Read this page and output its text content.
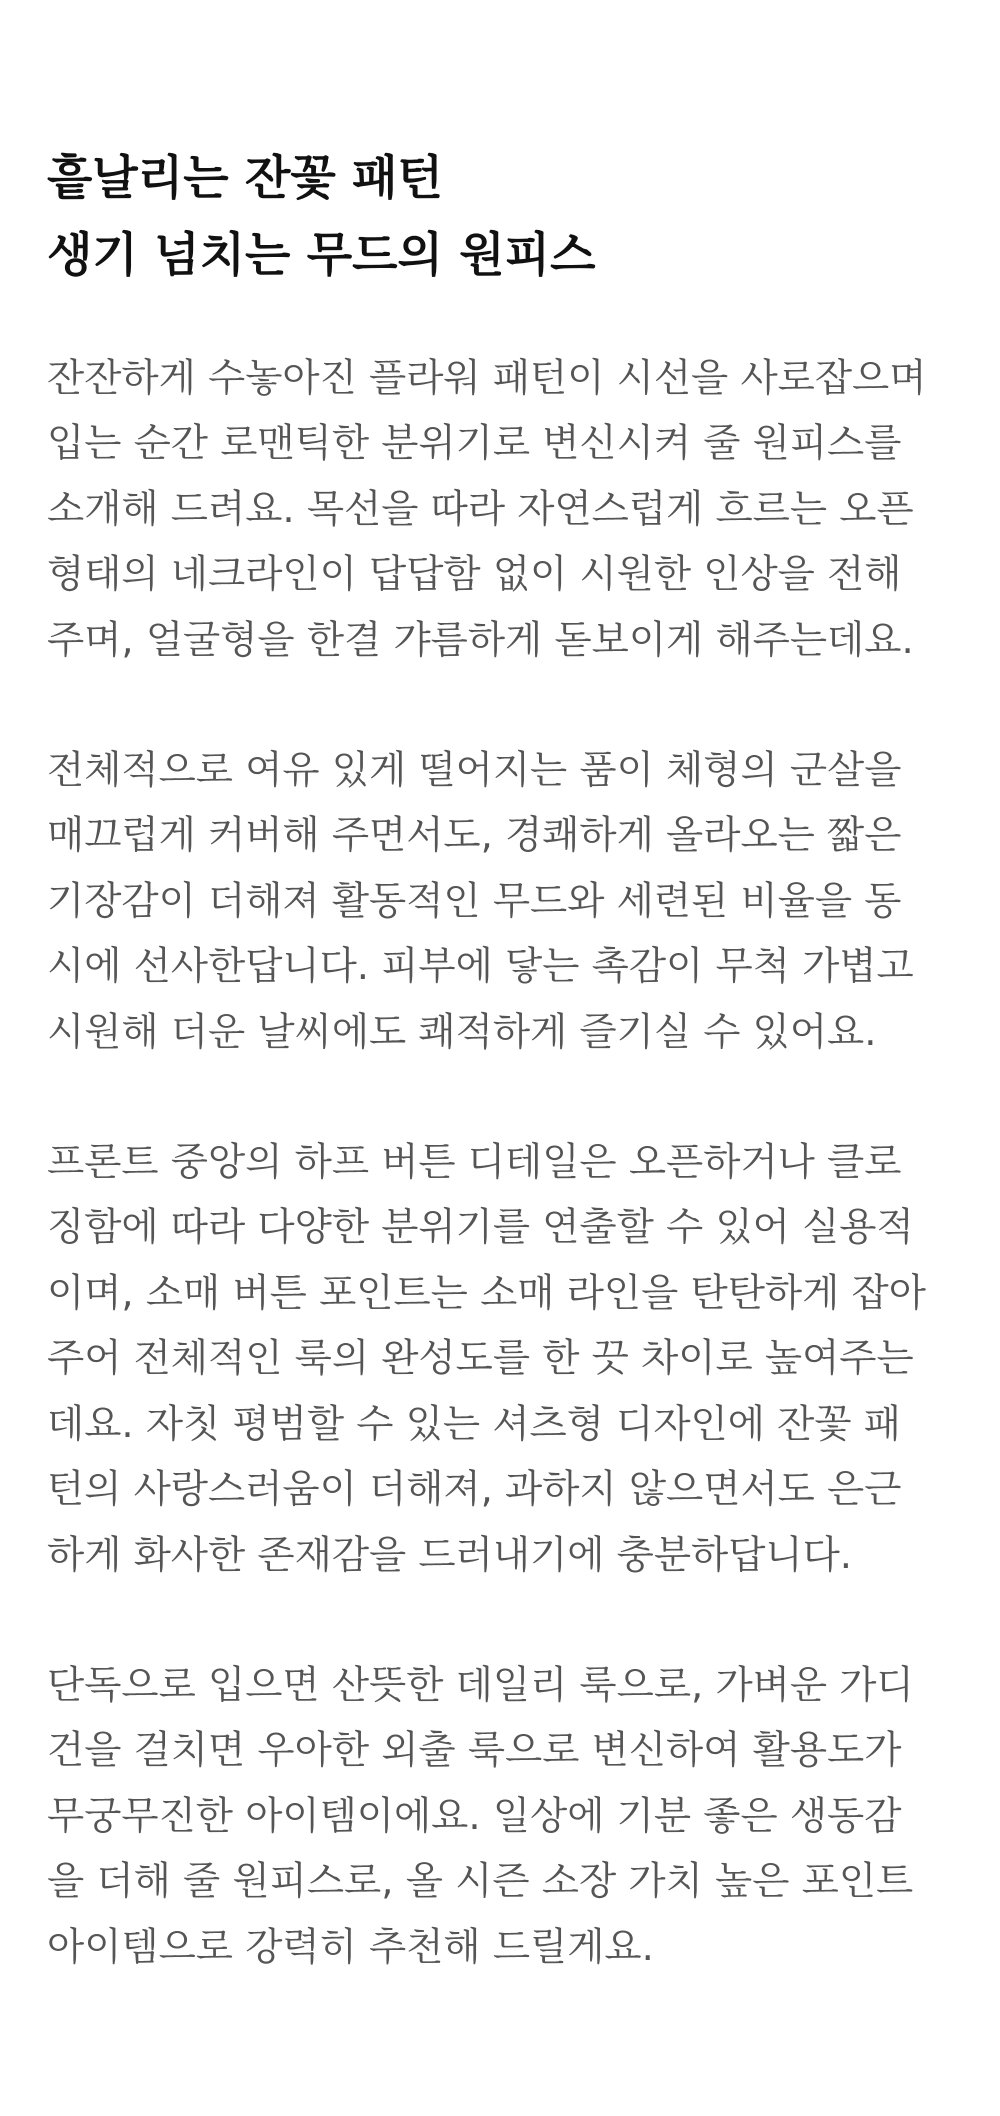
흩날리는 잔꽃 패턴
생기 넘치는 무드의 원피스

잔잔하게 수놓아진 플라워 패턴이 시선을 사로잡으며
입는 순간 로맨틱한 분위기로 변신시켜 줄 원피스를
소개해 드려요. 목선을 따라 자연스럽게 흐르는 오픈
형태의 네크라인이 답답함 없이 시원한 인상을 전해
주며, 얼굴형을 한결 갸름하게 돋보이게 해주는데요.

전체적으로 여유 있게 떨어지는 품이 체형의 군살을
매끄럽게 커버해 주면서도, 경쾌하게 올라오는 짧은
기장감이 더해져 활동적인 무드와 세련된 비율을 동
시에 선사한답니다. 피부에 닿는 촉감이 무척 가볍고
시원해 더운 날씨에도 쾌적하게 즐기실 수 있어요.

프론트 중앙의 하프 버튼 디테일은 오픈하거나 클로
징함에 따라 다양한 분위기를 연출할 수 있어 실용적
이며, 소매 버튼 포인트는 소매 라인을 탄탄하게 잡아
주어 전체적인 룩의 완성도를 한 끗 차이로 높여주는
데요. 자칫 평범할 수 있는 셔츠형 디자인에 잔꽃 패
턴의 사랑스러움이 더해져, 과하지 않으면서도 은근
하게 화사한 존재감을 드러내기에 충분하답니다.

단독으로 입으면 산뜻한 데일리 룩으로, 가벼운 가디
건을 걸치면 우아한 외출 룩으로 변신하여 활용도가
무궁무진한 아이템이에요. 일상에 기분 좋은 생동감
을 더해 줄 원피스로, 올 시즌 소장 가치 높은 포인트
아이템으로 강력히 추천해 드릴게요.
